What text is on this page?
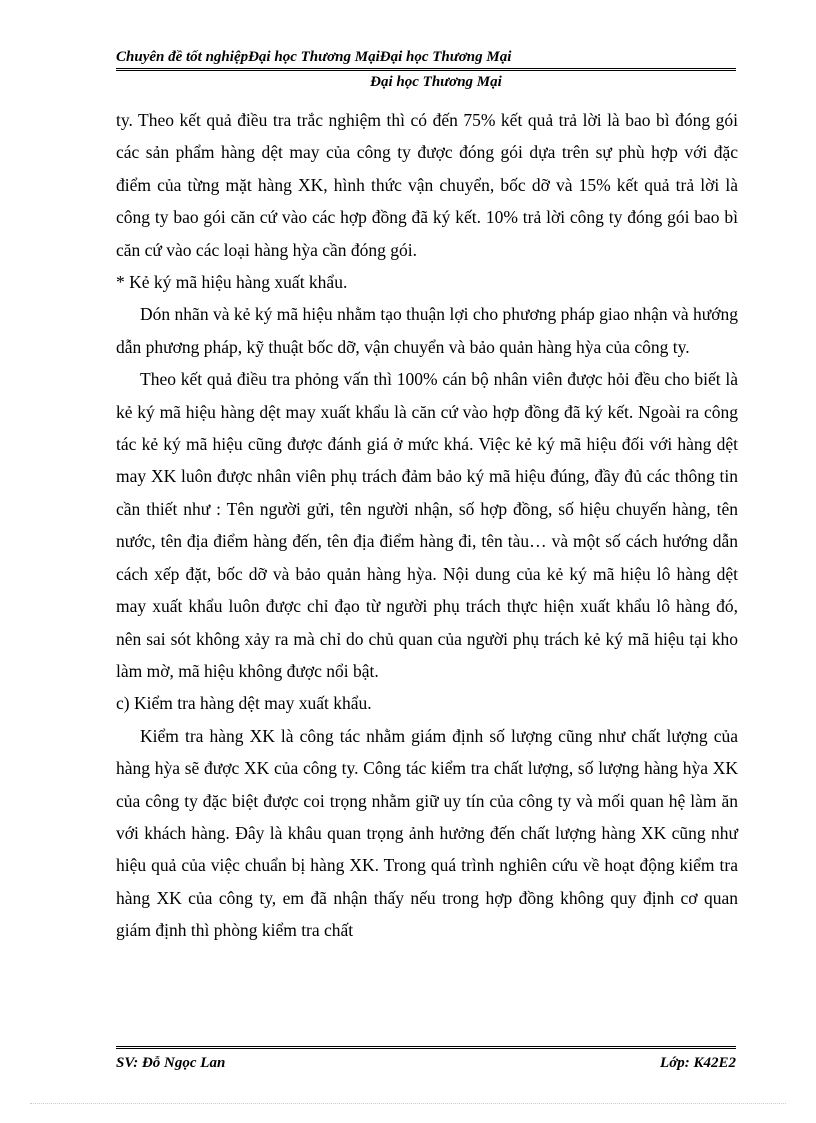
Chuyên đề tốt nghiệpĐại học Thương MạiĐại học Thương Mại
Đại học Thương Mại

ty. Theo kết quả điều tra trắc nghiệm thì có đến 75% kết quả trả lời là bao bì đóng gói các sản phẩm hàng dệt may của công ty được đóng gói dựa trên sự phù hợp với đặc điểm của từng mặt hàng XK, hình thức vận chuyển, bốc dỡ và 15% kết quả trả lời là công ty bao gói căn cứ vào các hợp đồng đã ký kết. 10% trả lời công ty đóng gói bao bì căn cứ vào các loại hàng hỳa cần đóng gói.

* Kẻ ký mã hiệu hàng xuất khẩu.

Dón nhãn và kẻ ký mã hiệu nhằm tạo thuận lợi cho phương pháp giao nhận và hướng dẫn phương pháp, kỹ thuật bốc dỡ, vận chuyển và bảo quản hàng hỳa của công ty.

Theo kết quả điều tra phỏng vấn thì 100% cán bộ nhân viên được hỏi đều cho biết là kẻ ký mã hiệu hàng dệt may xuất khẩu là căn cứ vào hợp đồng đã ký kết. Ngoài ra công tác kẻ ký mã hiệu cũng được đánh giá ở mức khá. Việc kẻ ký mã hiệu đối với hàng dệt may XK luôn được nhân viên phụ trách đảm bảo ký mã hiệu đúng, đầy đủ các thông tin cần thiết như : Tên người gửi, tên người nhận, số hợp đồng, số hiệu chuyến hàng, tên nước, tên địa điểm hàng đến, tên địa điểm hàng đi, tên tàu… và một số cách hướng dẫn cách xếp đặt, bốc dỡ và bảo quản hàng hỳa. Nội dung của kẻ ký mã hiệu lô hàng dệt may xuất khẩu luôn được chỉ đạo từ người phụ trách thực hiện xuất khẩu lô hàng đó, nên sai sót không xảy ra mà chỉ do chủ quan của người phụ trách kẻ ký mã hiệu tại kho làm mờ, mã hiệu không được nổi bật.

c) Kiểm tra hàng dệt may xuất khẩu.

Kiểm tra hàng XK là công tác nhằm giám định số lượng cũng như chất lượng của hàng hỳa sẽ được XK của công ty. Công tác kiểm tra chất lượng, số lượng hàng hỳa XK của công ty đặc biệt được coi trọng nhằm giữ uy tín của công ty và mối quan hệ làm ăn với khách hàng. Đây là khâu quan trọng ảnh hưởng đến chất lượng hàng XK cũng như hiệu quả của việc chuẩn bị hàng XK. Trong quá trình nghiên cứu về hoạt động kiểm tra hàng XK của công ty, em đã nhận thấy nếu trong hợp đồng không quy định cơ quan giám định thì phòng kiểm tra chất

SV: Đỗ Ngọc Lan	Lớp: K42E2
